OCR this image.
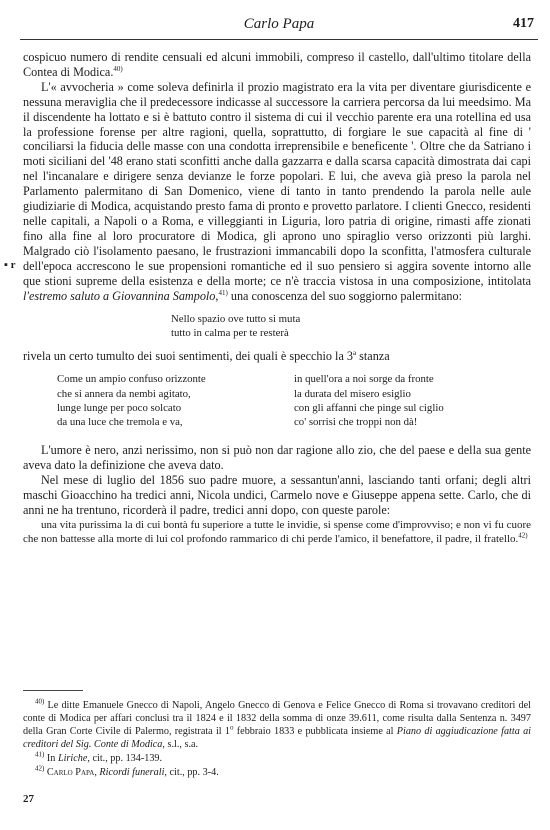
Carlo Papa	417
▪ r

cospicuo numero di rendite censuali ed alcuni immobili, compreso il castello, dall'ultimo titolare della Contea di Modica.$^{40)}$

L'« avvocheria » come soleva definirla il prozio magistrato era la vita per diventare giurisdicente e nessuna meraviglia che il predecessore indicasse al successore la carriera percorsa da lui meedsimo. Ma il discendente ha lottato e si è battuto contro il sistema di cui il vecchio parente era una rotellina ed usa la professione forense per altre ragioni, quella, soprattutto, di forgiare le sue capacità al fine di ' conciliarsi la fiducia delle masse con una condotta irreprensibile e beneficente '. Oltre che da Satriano i moti siciliani del '48 erano stati sconfitti anche dalla gazzarra e dalla scarsa capacità dimostrata dai capi nel l'incanalare e dirigere senza devianze le forze popolari. E lui, che aveva già preso la parola nel Parlamento palermitano di San Domenico, viene di tanto in tanto prendendo la parola nelle aule giudiziarie di Modica, acquistando presto fama di pronto e provetto parlatore. I clienti Gnecco, residenti nelle capitali, a Napoli o a Roma, e villeggianti in Liguria, loro patria di origine, rimasti affe zionati fino alla fine al loro procuratore di Modica, gli aprono uno spiraglio verso orizzonti più larghi. Malgrado ciò l'isolamento paesano, le frustrazioni immancabili dopo la sconfitta, l'atmosfera culturale dell'epoca accrescono le sue propensioni romantiche ed il suo pensiero si aggira sovente intorno alle que stioni supreme della esistenza e della morte; ce n'è traccia vistosa in una composizione, intitolata l'estremo saluto a Giovannina Sampolo,$^{41)}$ una conoscenza del suo soggiorno palermitano:

Nello spazio ove tutto si muta
tutto in calma per te resterà

rivela un certo tumulto dei suoi sentimenti, dei quali è specchio la 3$^a$ stanza

Come un ampio confuso orizzonte
che si annera da nembi agitato,
lunge lunge per poco solcato
da una luce che tremola e va,
in quell'ora a noi sorge da fronte
la durata del misero esiglio
con gli affanni che pinge sul ciglio
co' sorrisi che troppi non dà!

L'umore è nero, anzi nerissimo, non si può non dar ragione allo zio, che del paese e della sua gente aveva dato la definizione che aveva dato.

Nel mese di luglio del 1856 suo padre muore, a sessantun'anni, lasciando tanti orfani; degli altri maschi Gioacchino ha tredici anni, Nicola undici, Carmelo nove e Giuseppe appena sette. Carlo, che di anni ne ha trentuno, ricorderà il padre, tredici anni dopo, con queste parole:

una vita purissima la di cui bontà fu superiore a tutte le invidie, si spense come d'improvviso; e non vi fu cuore che non battesse alla morte di lui col profondo rammarico di chi perde l'amico, il benefattore, il padre, il fratello.$^{42)}$

$^{40)}$ Le ditte Emanuele Gnecco di Napoli, Angelo Gnecco di Genova e Felice Gnecco di Roma si trovavano creditori del conte di Modica per affari conclusi tra il 1824 e il 1832 della somma di onze 39.611, come risulta dalla Sentenza n. 3497 della Gran Corte Civile di Palermo, registrata il 1$^o$ febbraio 1833 e pubblicata insieme al Piano di aggiudicazione fatta ai creditori del Sig. Conte di Modica, s.l., s.a.

$^{41)}$ In Liriche, cit., pp. 134-139.

$^{42)}$ Carlo Papa, Ricordi funerali, cit., pp. 3-4.

27
